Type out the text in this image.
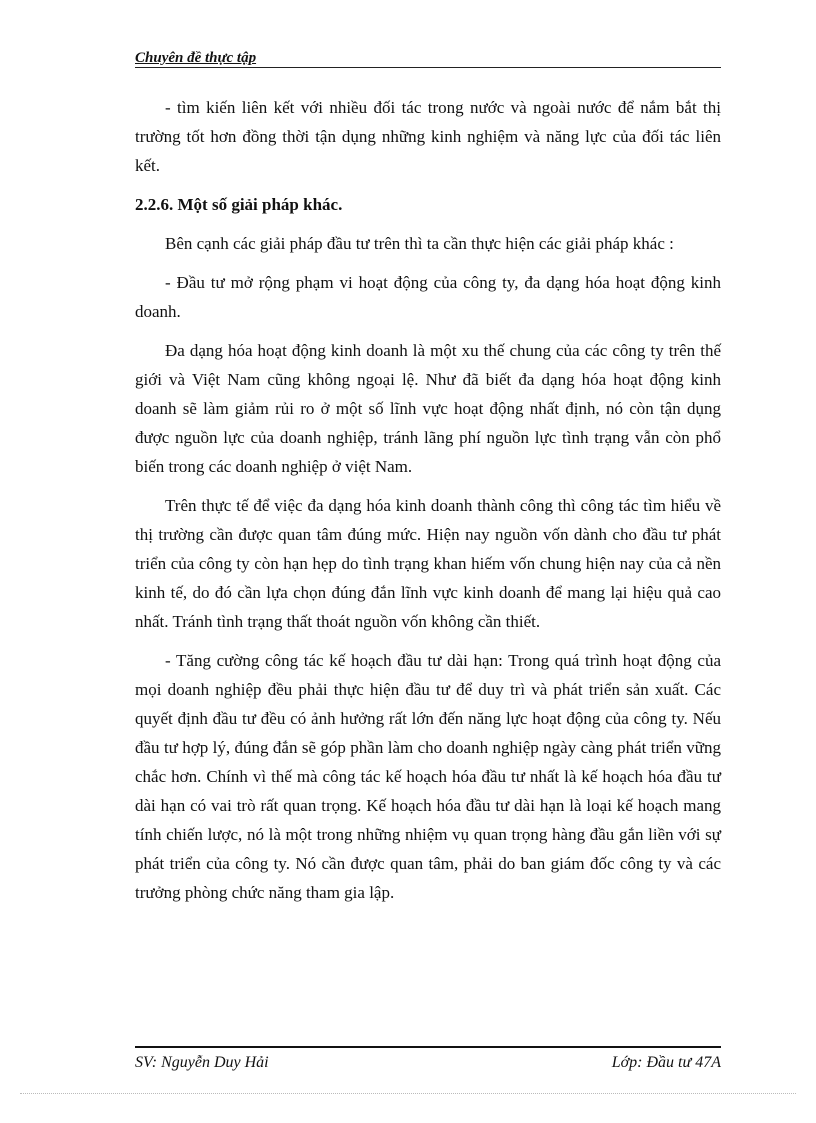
Chuyên đề thực tập

- tìm kiến liên kết với nhiều đối tác trong nước và ngoài nước để nắm bắt thị trường tốt hơn đồng thời tận dụng những kinh nghiệm và năng lực của đối tác liên kết.

2.2.6. Một số giải pháp khác.

Bên cạnh các giải pháp đầu tư trên thì ta cần thực hiện các giải pháp khác :

- Đầu tư mở rộng phạm vi hoạt động của công ty, đa dạng hóa hoạt động kinh doanh.

Đa dạng hóa hoạt động kinh doanh là một xu thế chung của các công ty trên thế giới và Việt Nam cũng không ngoại lệ. Như đã biết đa dạng hóa hoạt động kinh doanh sẽ làm giảm rủi ro ở một số lĩnh vực hoạt động nhất định, nó còn tận dụng được nguồn lực của doanh nghiệp, tránh lãng phí nguồn lực tình trạng vẫn còn phổ biến trong các doanh nghiệp ở việt Nam.

Trên thực tế để việc đa dạng hóa kinh doanh thành công thì công tác tìm hiểu về thị trường cần được quan tâm đúng mức. Hiện nay nguồn vốn dành cho đầu tư phát triển của công ty còn hạn hẹp do tình trạng khan hiếm vốn chung hiện nay của cả nền kinh tế, do đó cần lựa chọn đúng đắn lĩnh vực kinh doanh để mang lại hiệu quả cao nhất. Tránh tình trạng thất thoát nguồn vốn không cần thiết.

- Tăng cường công tác kế hoạch đầu tư dài hạn: Trong quá trình hoạt động của mọi doanh nghiệp đều phải thực hiện đầu tư để duy trì và phát triển sản xuất. Các quyết định đầu tư đều có ảnh hưởng rất lớn đến năng lực hoạt động của công ty. Nếu đầu tư hợp lý, đúng đắn sẽ góp phần làm cho doanh nghiệp ngày càng phát triển vững chắc hơn. Chính vì thế mà công tác kế hoạch hóa đầu tư nhất là kế hoạch hóa đầu tư dài hạn có vai trò rất quan trọng. Kế hoạch hóa đầu tư dài hạn là loại kế hoạch mang tính chiến lược, nó là một trong những nhiệm vụ quan trọng hàng đầu gắn liền với sự phát triển của công ty. Nó cần được quan tâm, phải do ban giám đốc công ty và các trưởng phòng chức năng tham gia lập.

SV: Nguyễn Duy Hải	Lớp: Đầu tư 47A
